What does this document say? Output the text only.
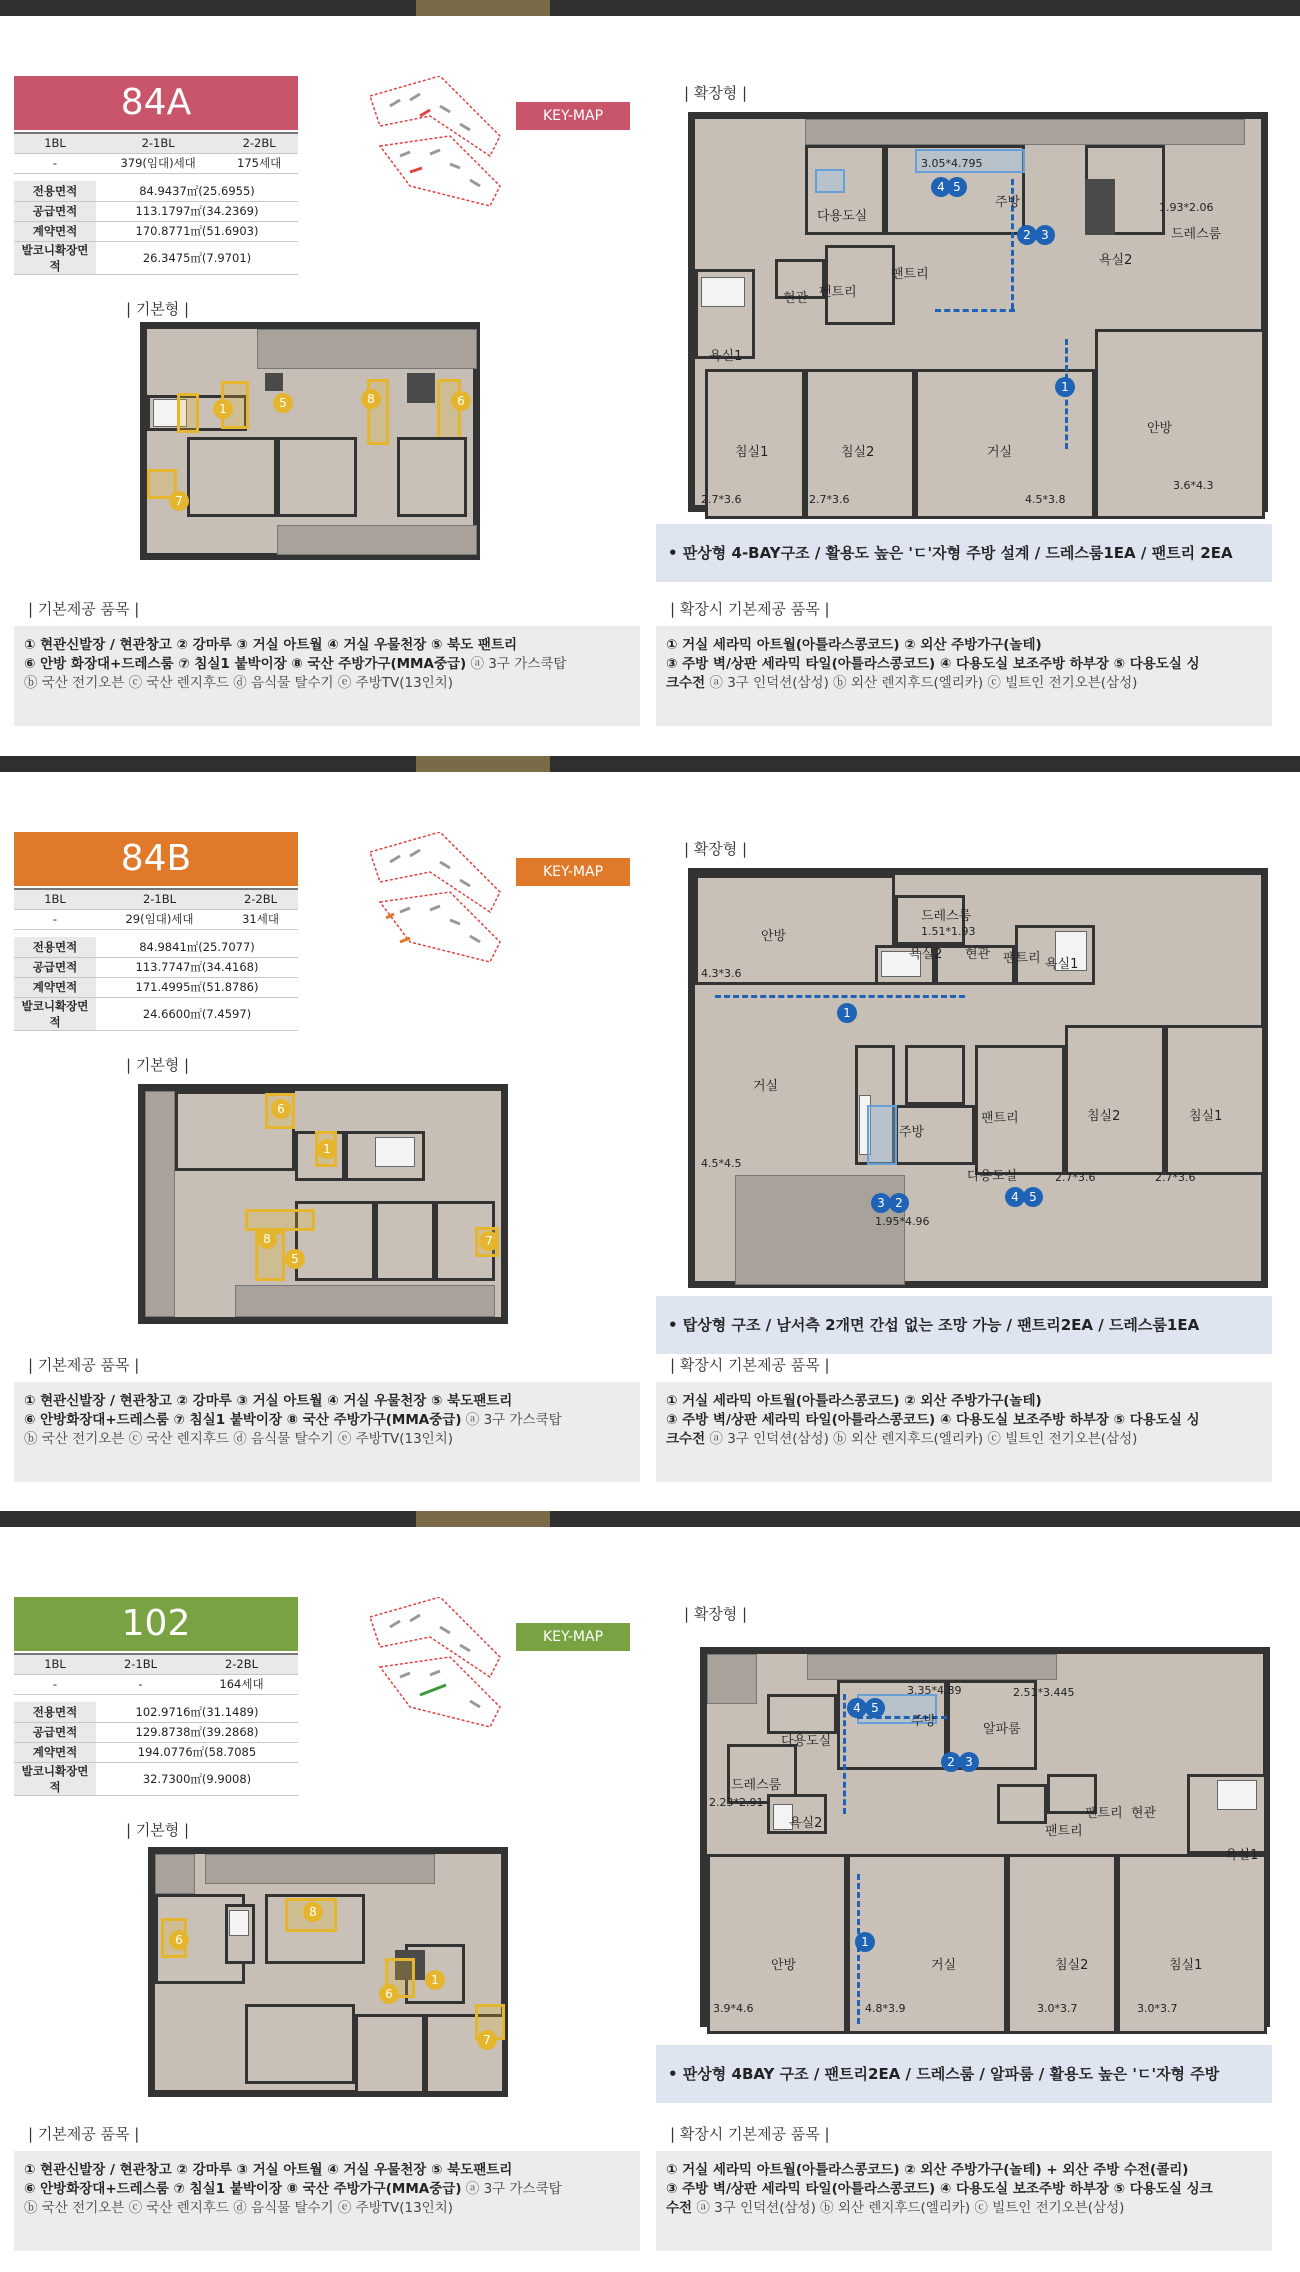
84A
1BL	2-1BL	2-2BL
-	379(임대)세대	175세대

전용면적	84.9437㎡(25.6955)	
공급면적	113.1797㎡(34.2369)	
계약면적	170.8771㎡(51.6903)	
발코니확장면적	26.3475㎡(7.9701)	
KEY-MAP
| 기본형 |
| 확장형 |
1	5	8	6
7
다용도실
주방
현관 팬트리
팬트리
욕실1
욕실2
드레스룸
침실1	침실2	거실
안방
3.05*4.795
1.93*2.06
2.7*3.6	2.7*3.6	4.5*3.8
3.6*4.3
4 5
2 3
1
• 판상형 4-BAY구조 / 활용도 높은 'ㄷ'자형 주방 설계 / 드레스룸1EA / 팬트리 2EA
| 기본제공 품목 |	| 확장시 기본제공 품목 |
① 현관신발장 / 현관창고 ② 강마루 ③ 거실 아트월 ④ 거실 우물천장 ⑤ 북도 팬트리
⑥ 안방 화장대+드레스룸 ⑦ 침실1 붙박이장 ⑧ 국산 주방가구(MMA중급) ⓐ 3구 가스쿡탑
ⓑ 국산 전기오븐 ⓒ 국산 렌지후드 ⓓ 음식물 탈수기 ⓔ 주방TV(13인치)
① 거실 세라믹 아트월(아틀라스콩코드) ② 외산 주방가구(놀테)
③ 주방 벽/상판 세라믹 타일(아틀라스콩코드) ④ 다용도실 보조주방 하부장 ⑤ 다용도실 싱
크수전 ⓐ 3구 인덕션(삼성) ⓑ 외산 렌지후드(엘리카) ⓒ 빌트인 전기오븐(삼성)
84B
1BL	2-1BL	2-2BL
-	29(임대)세대	31세대

전용면적	84.9841㎡(25.7077)	
공급면적	113.7747㎡(34.4168)	
계약면적	171.4995㎡(51.8786)	
발코니확장면적	24.6600㎡(7.4597)	
KEY-MAP
| 기본형 |
| 확장형 |
6
1
8
5
7
안방
드레스룸
욕실2 현관 팬트리 욕실1
거실
주방
팬트리	침실2	침실1
다용도실
1.51*1.93
4.3*3.6
4.5*4.5
1.95*4.96
2.7*3.6	2.7*3.6
1
3 2	4 5
• 탑상형 구조 / 남서측 2개면 간섭 없는 조망 가능 / 팬트리2EA / 드레스룸1EA
| 기본제공 품목 |	| 확장시 기본제공 품목 |
① 현관신발장 / 현관창고 ② 강마루 ③ 거실 아트월 ④ 거실 우물천장 ⑤ 북도팬트리
⑥ 안방화장대+드레스룸 ⑦ 침실1 붙박이장 ⑧ 국산 주방가구(MMA중급) ⓐ 3구 가스쿡탑
ⓑ 국산 전기오븐 ⓒ 국산 렌지후드 ⓓ 음식물 탈수기 ⓔ 주방TV(13인치)
① 거실 세라믹 아트월(아틀라스콩코드) ② 외산 주방가구(놀테)
③ 주방 벽/상판 세라믹 타일(아틀라스콩코드) ④ 다용도실 보조주방 하부장 ⑤ 다용도실 싱
크수전 ⓐ 3구 인덕션(삼성) ⓑ 외산 렌지후드(엘리카) ⓒ 빌트인 전기오븐(삼성)
102
1BL	2-1BL	2-2BL
-	-	164세대

전용면적	102.9716㎡(31.1489)	
공급면적	129.8738㎡(39.2868)	
계약면적	194.0776㎡(58.7085	
발코니확장면적	32.7300㎡(9.9008)	
KEY-MAP
| 기본형 |
| 확장형 |
8
6
6
1
7
다용도실
주방
알파룸
드레스룸
욕실2
팬트리
팬트리 현관
욕실1
안방	거실	침실2	침실1
3.35*4.89	2.51*3.445
2.23*2.91
3.9*4.6	4.8*3.9	3.0*3.7	3.0*3.7
4 5
2 3
1
• 판상형 4BAY 구조 / 팬트리2EA / 드레스룸 / 알파룸 / 활용도 높은 'ㄷ'자형 주방
| 기본제공 품목 |	| 확장시 기본제공 품목 |
① 현관신발장 / 현관창고 ② 강마루 ③ 거실 아트월 ④ 거실 우물천장 ⑤ 북도팬트리
⑥ 안방화장대+드레스룸 ⑦ 침실1 붙박이장 ⑧ 국산 주방가구(MMA중급) ⓐ 3구 가스쿡탑
ⓑ 국산 전기오븐 ⓒ 국산 렌지후드 ⓓ 음식물 탈수기 ⓔ 주방TV(13인치)
① 거실 세라믹 아트월(아틀라스콩코드) ② 외산 주방가구(놀테) + 외산 주방 수전(콜리)
③ 주방 벽/상판 세라믹 타일(아틀라스콩코드) ④ 다용도실 보조주방 하부장 ⑤ 다용도실 싱크
수전 ⓐ 3구 인덕션(삼성) ⓑ 외산 렌지후드(엘리카) ⓒ 빌트인 전기오븐(삼성)
